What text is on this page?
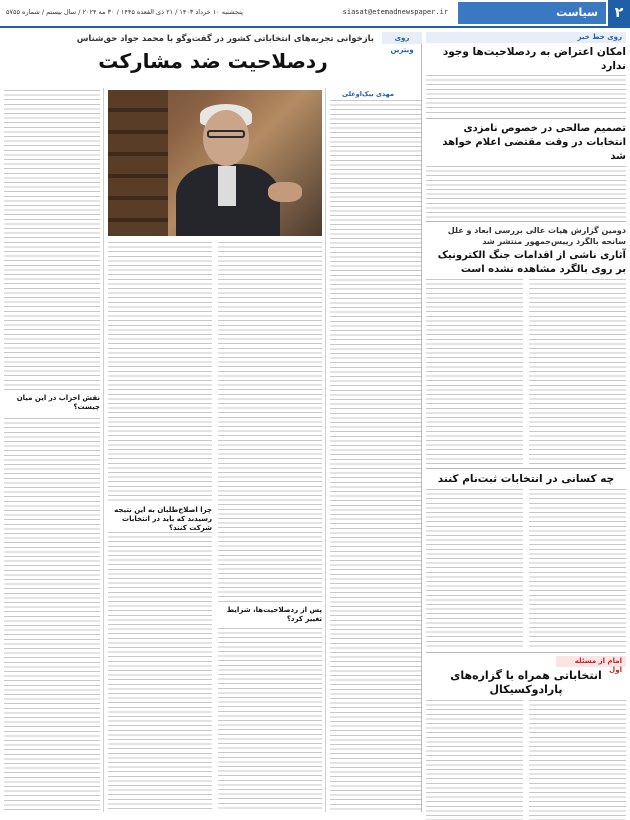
۲
سیاست
siasat@etemadnewspaper.ir
پنجشنبه ۱۰ خرداد ۱۴۰۳ / ۲۱ ذی القعده ۱۴۴۵ / ۳۰ مه ۲۰۲۴ / سال بیستم / شماره ۵۷۵۵
روی خط خبر
امکان اعتراض به ردصلاحیت‌ها وجود ندارد
تصمیم صالحی در خصوص نامزدی انتخابات در وقت مقتضی اعلام خواهد شد
دومین گزارش هیات عالی بررسی ابعاد و علل سانحه بالگرد رییس‌جمهور منتشر شد
آثاری ناشی از اقدامات جنگ الکترونیک بر روی بالگرد مشاهده نشده است
چه کسانی در انتخابات ثبت‌نام کنند
امام از مسئله اول
انتخاباتی همراه با گزاره‌های پارادوکسیکال
روی ویترین
بازخوانی تجربه‌های انتخاباتی کشور در گفت‌وگو با محمد جواد حق‌شناس
ردصلاحیت ضد مشارکت
مهدی بیک‌اوغلی
پس از ردصلاحیت‌ها، شرایط تغییر کرد؟
چرا اصلاح‌طلبان به این نتیجه رسیدند که باید در انتخابات شرکت کنند؟
نقش احزاب در این میان چیست؟
